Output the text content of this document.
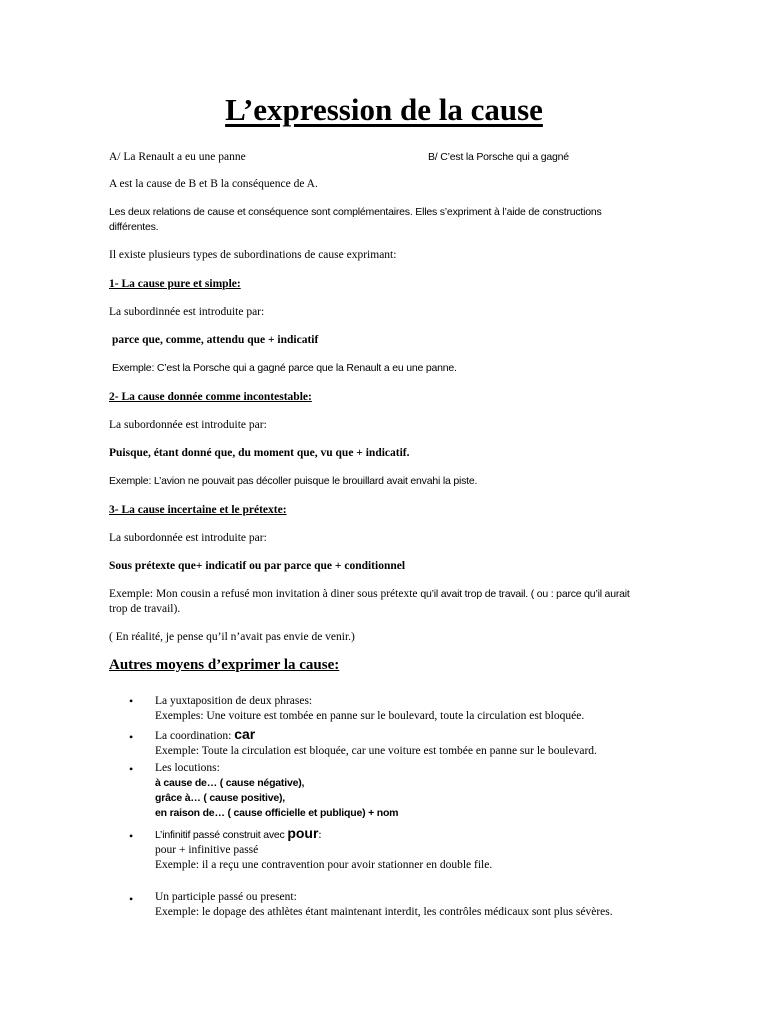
L’expression de la cause
A/ La Renault a eu une panne	B/ C’est la Porsche qui a gagné

A est la cause de B et B la conséquence de A.

Les deux relations de cause et conséquence sont complémentaires. Elles s’expriment à l’aide de constructions différentes.

Il existe plusieurs types de subordinations de cause exprimant:

1- La cause pure et simple:

La subordinnée est introduite par:

parce que, comme, attendu que + indicatif

Exemple: C’est la Porsche qui a gagné parce que la Renault a eu une panne.

2- La cause donnée comme incontestable:

La subordonnée est introduite par:

Puisque, étant donné que, du moment que, vu que + indicatif.

Exemple: L’avion ne pouvait pas décoller puisque le brouillard avait envahi la piste.

3- La cause incertaine et le prétexte:

La subordonnée est introduite par:

Sous prétexte que+ indicatif ou par parce que + conditionnel

Exemple: Mon cousin a refusé mon invitation à diner sous prétexte qu’il avait trop de travail. ( ou : parce qu’il aurait

trop de travail).

( En réalité, je pense qu’il n’avait pas envie de venir.)

Autres moyens d’exprimer la cause:

• La yuxtaposition de deux phrases:
Exemples: Une voiture est tombée en panne sur le boulevard, toute la circulation est bloquée.
• La coordination: car
Exemple: Toute la circulation est bloquée, car une voiture est tombée en panne sur le boulevard.
• Les locutions:
à cause de… ( cause négative),
grâce à… ( cause positive),
en raison de… ( cause officielle et publique) + nom
• L’infinitif passé construit avec pour:
pour + infinitive passé
Exemple: il a reçu une contravention pour avoir stationner en double file.
• Un participle passé ou present:
Exemple: le dopage des athlètes étant maintenant interdit, les contrôles médicaux sont plus sévères.
